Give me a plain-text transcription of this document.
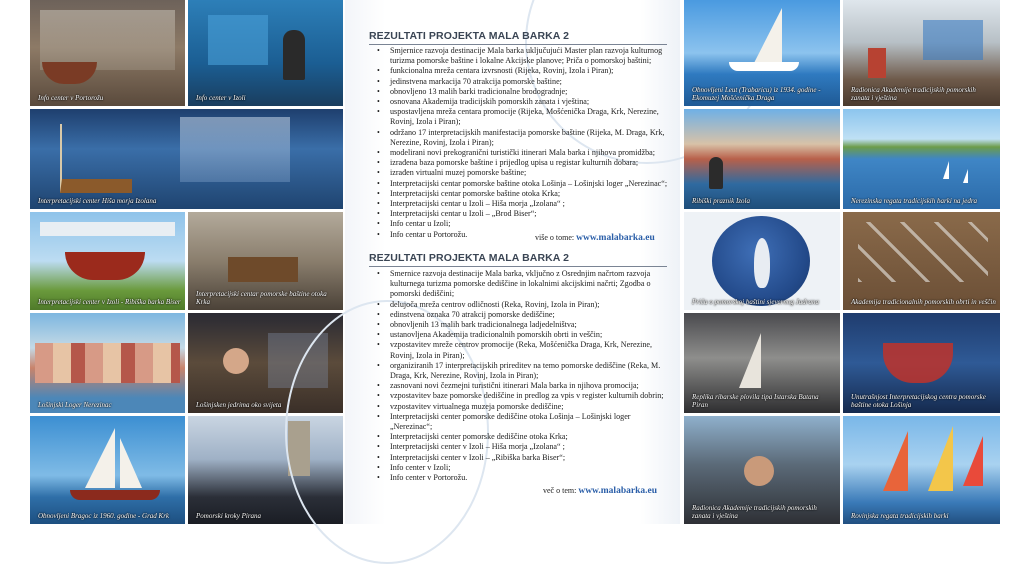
Info center v Portorožu	Info center v Izoli
Interpretacijski center Hiša morja Izolana
Interpretacijski center v Izoli - Ribiška barka Biser
Interpretacijski centar pomorske baštine otoka Krka
Lošinjski Loger Nerezinac	Lošinjsken jedrima oko svijeta
Obnovljeni Bragoc iz 1960. godine - Grad Krk	Pomorski kroky Pirana
REZULTATI PROJEKTA MALA BARKA 2
• Smjernice razvoja destinacije Mala barka uključujući Master plan razvoja kulturnog turizma pomorske baštine i lokalne Akcijske planove; Priča o pomorskoj baštini;
• funkcionalna mreža centara izvrsnosti (Rijeka, Rovinj, Izola i Piran);
• jedinstvena markacija 70 atrakcija pomorske baštine;
• obnovljeno 13 malih barki tradicionalne brodogradnje;
• osnovana Akademija tradicijskih pomorskih zanata i vještina;
• uspostavljena mreža centara promocije (Rijeka, Mošćenička Draga, Krk, Nerezine, Rovinj, Izola i Piran);
• održano 17 interpretacijskih manifestacija pomorske baštine (Rijeka, M. Draga, Krk, Nerezine, Rovinj, Izola i Piran);
• modelirani novi prekogranični turistički itinerari Mala barka i njihova promidžba;
• izrađena baza pomorske baštine i prijedlog upisa u registar kulturnih dobara;
• izrađen virtualni muzej pomorske baštine;
• Interpretacijski centar pomorske baštine otoka Lošinja – Lošinjski loger „Nerezinac“;
• Interpretacijski centar pomorske baštine otoka Krka;
• Interpretacijski centar u Izoli – Hiša morja „Izolana“ ;
• Interpretacijski centar u Izoli – „Brod Biser“;
• Info centar u Izoli;
• Info centar u Portorožu.	više o tome: www.malabarka.eu
REZULTATI PROJEKTA MALA BARKA 2
• Smernice razvoja destinacije Mala barka, vključno z Osrednjim načrtom razvoja kulturnega turizma pomorske dediščine in lokalnimi akcijskimi načrti; Zgodba o pomorski dediščini;
• delujoča mreža centrov odličnosti (Reka, Rovinj, Izola in Piran);
• edinstvena oznaka 70 atrakcij pomorske dediščine;
• obnovljenih 13 malih bark tradicionalnega ladjedelništva;
• ustanovljena Akademija tradicionalnih pomorskih obrti in veščin;
• vzpostavitev mreže centrov promocije (Reka, Mošćenička Draga, Krk, Nerezine, Rovinj, Izola in Piran);
• organiziranih 17 interpretacijskih prireditev na temo pomorske dediščine (Reka, M. Draga, Krk, Nerezine, Rovinj, Izola in Piran);
• zasnovani novi čezmejni turistični itinerari Mala barka in njihova promocija;
• vzpostavitev baze pomorske dediščine in predlog za vpis v register kulturnih dobrin;
• vzpostavitev virtualnega muzeja pomorske dediščine;
• Interpretacijski center pomorske dediščine otoka Lošinja – Lošinjski loger „Nerezinac“;
• Interpretacijski center pomorske dediščine otoka Krka;
• Interpretacijski center v Izoli – Hiša morja „Izolana“ ;
• Interpretacijski center v Izoli – „Ribiška barka Biser“;
• Info center v Izoli;
• Info center v Portorožu.
več o tem: www.malabarka.eu
Obnovljeni Leut (Trabaricu) iz 1934. godine - Ekomuzej Mošćenička Draga
Radionica Akademije tradicijskih pomorskih zanata i vještina
Ribiški praznik Izola	Nerezinska regata tradicijskih barki na jedra
Priča o pomorskoj baštini sjevernog Jadrana	Akademija tradicionalnih pomorskih obrti in veščin
Replika ribarske plovila tipa Istarska Batana Piran
Unutrašnjost Interpretacijskog centra pomorske baštine otoka Lošinja
Radionica Akademije tradicijskih pomorskih zanata i vještina	Rovinjska regata tradicijskih barki
